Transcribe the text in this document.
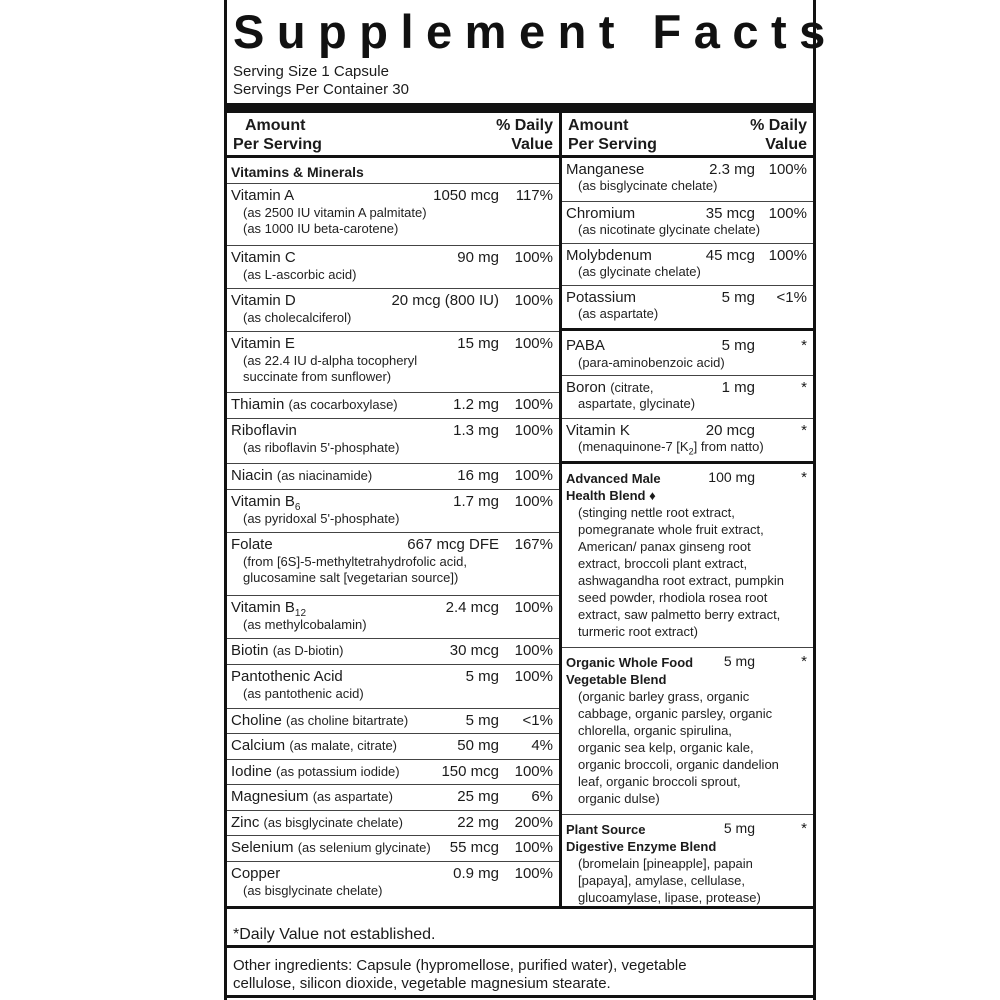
Supplement Facts
Serving Size 1 Capsule
Servings Per Container 30
Amount
Per Serving
% Daily
Value
Vitamins & Minerals
Vitamin A	1050 mcg 117%
(as 2500 IU vitamin A palmitate)
(as 1000 IU beta-carotene)
Vitamin C	90 mg 100%
(as L-ascorbic acid)
Vitamin D	20 mcg (800 IU) 100%
(as cholecalciferol)
Vitamin E	15 mg 100%
(as 22.4 IU d-alpha tocopheryl
succinate from sunflower)
Thiamin (as cocarboxylase)	1.2 mg 100%
Riboflavin	1.3 mg 100%
(as riboflavin 5'-phosphate)
Niacin (as niacinamide)	16 mg 100%
Vitamin $B_6$	1.7 mg 100%
(as pyridoxal 5'-phosphate)
Folate	667 mcg DFE 167%
(from [6S]-5-methyltetrahydrofolic acid,
glucosamine salt [vegetarian source])
Vitamin $B_{12}$	2.4 mcg 100%
(as methylcobalamin)
Biotin (as D-biotin)	30 mcg 100%
Pantothenic Acid	5 mg 100%
(as pantothenic acid)
Choline (as choline bitartrate)	5 mg <1%
Calcium (as malate, citrate)	50 mg 4%
Iodine (as potassium iodide)	150 mcg 100%
Magnesium (as aspartate)	25 mg 6%
Zinc (as bisglycinate chelate)	22 mg 200%
Selenium (as selenium glycinate) 55 mcg 100%
Copper	0.9 mg 100%
(as bisglycinate chelate)
Amount
Per Serving
% Daily
Value
Manganese	2.3 mg 100%
(as bisglycinate chelate)
Chromium	35 mcg 100%
(as nicotinate glycinate chelate)
Molybdenum	45 mcg 100%
(as glycinate chelate)
Potassium	5 mg <1%
(as aspartate)
PABA	5 mg	*
(para-aminobenzoic acid)
Boron (citrate,	1 mg	*
aspartate, glycinate)
Vitamin K	20 mcg	*
(menaquinone-7 $[K_2]$ from natto)
Advanced Male
Health Blend ♦
100 mg	*
(stinging nettle root extract,
pomegranate whole fruit extract,
American/ panax ginseng root
extract, broccoli plant extract,
ashwagandha root extract, pumpkin
seed powder, rhodiola rosea root
extract, saw palmetto berry extract,
turmeric root extract)
Organic Whole Food
Vegetable Blend
5 mg	*
(organic barley grass, organic
cabbage, organic parsley, organic
chlorella, organic spirulina,
organic sea kelp, organic kale,
organic broccoli, organic dandelion
leaf, organic broccoli sprout,
organic dulse)
Plant Source
Digestive Enzyme Blend
5 mg	*
(bromelain [pineapple], papain
[papaya], amylase, cellulase,
glucoamylase, lipase, protease)
*Daily Value not established.
Other ingredients: Capsule (hypromellose, purified water), vegetable
cellulose, silicon dioxide, vegetable magnesium stearate.
